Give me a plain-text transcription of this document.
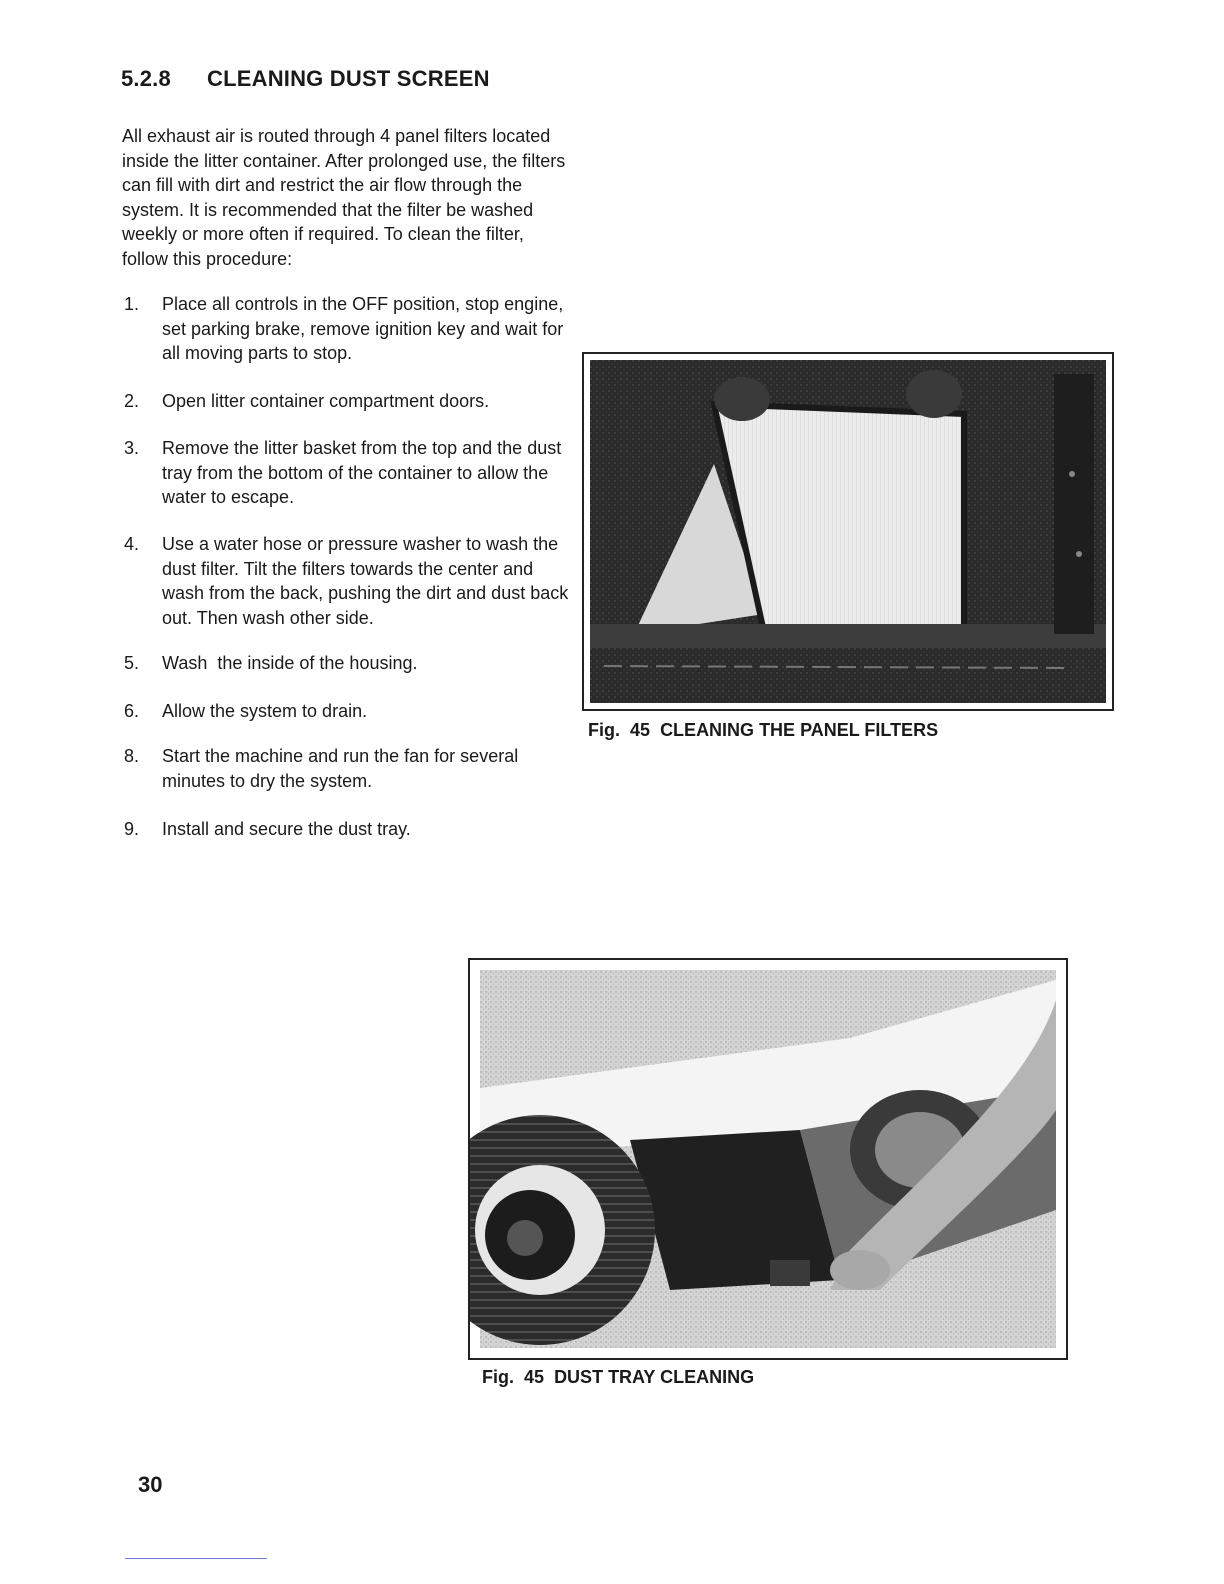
5.2.8 CLEANING DUST SCREEN
All exhaust air is routed through 4 panel filters located inside the litter container. After prolonged use, the filters can fill with dirt and restrict the air flow through the system. It is recommended that the filter be washed weekly or more often if required. To clean the filter, follow this procedure:
1. Place all controls in the OFF position, stop engine, set parking brake, remove ignition key and wait for all moving parts to stop.
2. Open litter container compartment doors.
3. Remove the litter basket from the top and the dust tray from the bottom of the container to allow the water to escape.
4. Use a water hose or pressure washer to wash the dust filter. Tilt the filters towards the center and wash from the back, pushing the dirt and dust back out. Then wash other side.
5. Wash  the inside of the housing.
6. Allow the system to drain.
8. Start the machine and run the fan for several minutes to dry the system.
9. Install and secure the dust tray.
Fig. 45 CLEANING THE PANEL FILTERS
Fig. 45 DUST TRAY CLEANING
30
